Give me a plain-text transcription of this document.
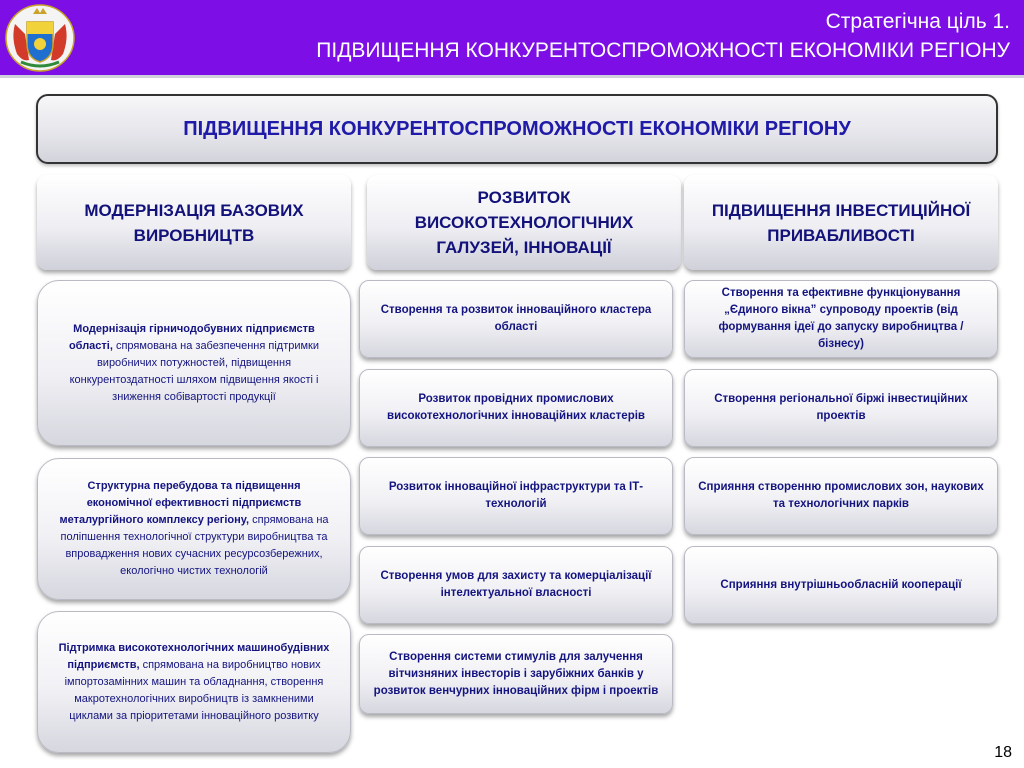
Стратегічна ціль 1.
ПІДВИЩЕННЯ КОНКУРЕНТОСПРОМОЖНОСТІ ЕКОНОМІКИ РЕГІОНУ
ПІДВИЩЕННЯ КОНКУРЕНТОСПРОМОЖНОСТІ ЕКОНОМІКИ РЕГІОНУ
МОДЕРНІЗАЦІЯ БАЗОВИХ ВИРОБНИЦТВ
РОЗВИТОК ВИСОКОТЕХНОЛОГІЧНИХ ГАЛУЗЕЙ, ІННОВАЦІЇ
ПІДВИЩЕННЯ ІНВЕСТИЦІЙНОЇ ПРИВАБЛИВОСТІ
Модернізація гірничодобувних підприємств області, спрямована на забезпечення підтримки виробничих потужностей, підвищення конкурентоздатності шляхом підвищення якості і зниження собівартості продукції
Структурна перебудова та підвищення економічної ефективності підприємств металургійного комплексу регіону, спрямована на поліпшення технологічної структури виробництва та впровадження нових сучасних ресурсозбережних, екологічно чистих технологій
Підтримка високотехнологічних машинобудівних підприємств, спрямована на виробництво нових імпортозамінних машин та обладнання, створення макротехнологічних виробництв із замкненими циклами за пріоритетами інноваційного розвитку
Створення та розвиток інноваційного кластера області
Розвиток провідних промислових високотехнологічних інноваційних кластерів
Розвиток інноваційної інфраструктури та ІТ-технологій
Створення умов для захисту та комерціалізації інтелектуальної власності
Створення системи стимулів для залучення вітчизняних інвесторів і зарубіжних банків у розвиток венчурних інноваційних фірм і проектів
Створення та ефективне функціонування „Єдиного вікна” супроводу проектів (від формування ідеї до запуску виробництва / бізнесу)
Створення регіональної біржі інвестиційних проектів
Сприяння створенню промислових зон, наукових та технологічних парків
Сприяння внутрішньообласній кооперації
18
